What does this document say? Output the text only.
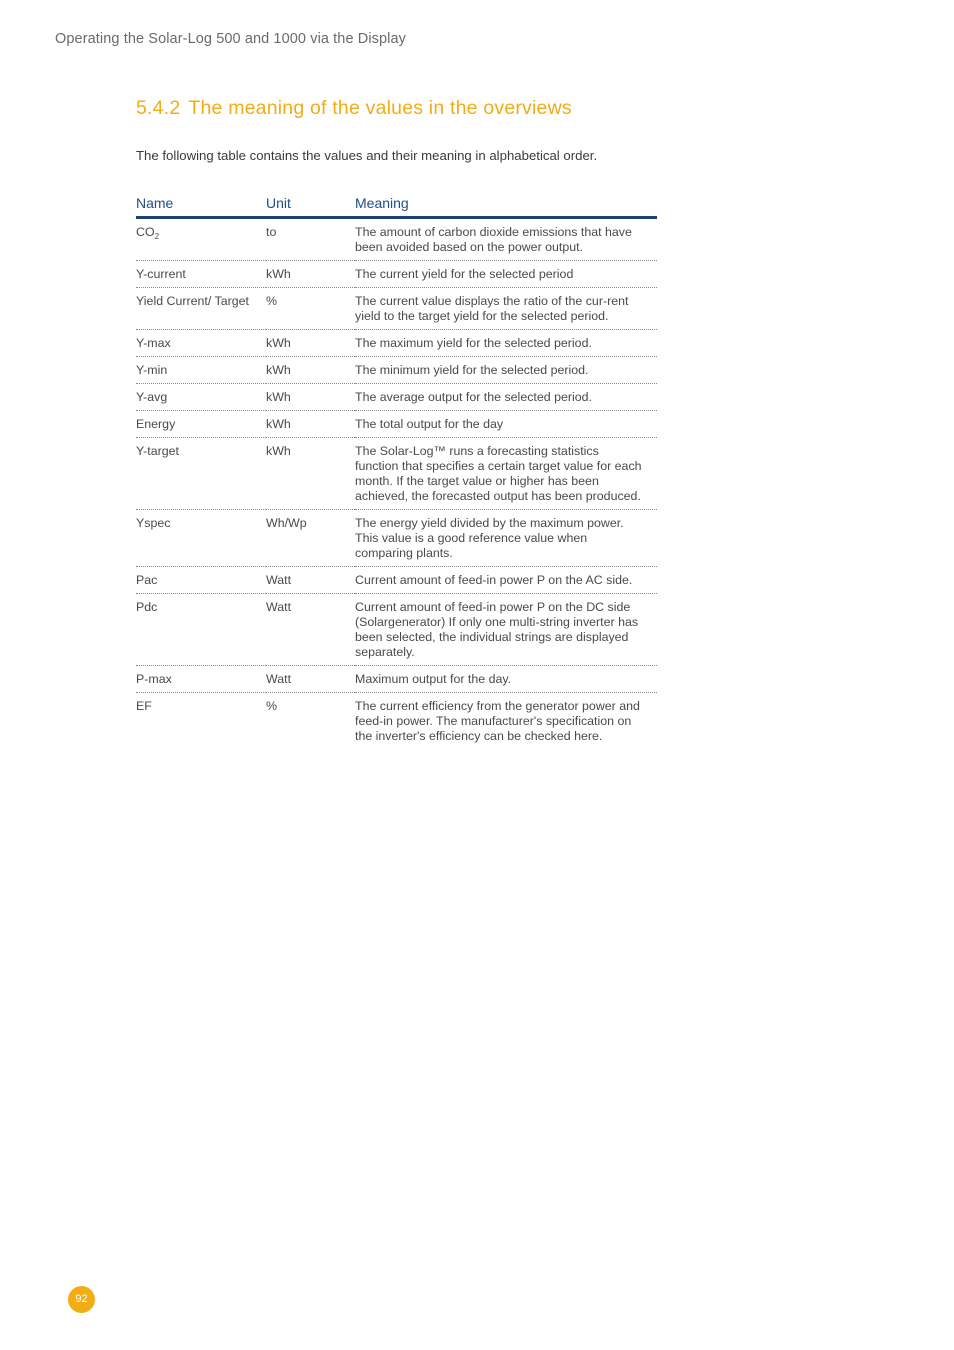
Operating the Solar-Log 500 and 1000 via the Display
5.4.2 The meaning of the values in the overviews

The following table contains the values and their meaning in alphabetical order.

Name	Unit	Meaning
$CO_2$	to	The amount of carbon dioxide emissions that have been avoided based on the power output.
Y-current	kWh	The current yield for the selected period
Yield Current/ Target	%	The current value displays the ratio of the cur-rent yield to the target yield for the selected period.
Y-max	kWh	The maximum yield for the selected period.
Y-min	kWh	The minimum yield for the selected period.
Y-avg	kWh	The average output for the selected period.
Energy	kWh	The total output for the day
Y-target	kWh	The Solar-Log™ runs a forecasting statistics function that specifies a certain target value for each month. If the target value or higher has been achieved, the forecasted output has been produced.
Yspec	Wh/Wp	The energy yield divided by the maximum power. This value is a good reference value when comparing plants.
Pac	Watt	Current amount of feed-in power P on the AC side.
Pdc	Watt	Current amount of feed-in power P on the DC side (Solargenerator) If only one multi-string inverter has been selected, the individual strings are displayed separately.
P-max	Watt	Maximum output for the day.
EF	%	The current efficiency from the generator power and feed-in power. The manufacturer's specification on the inverter's efficiency can be checked here.
92
